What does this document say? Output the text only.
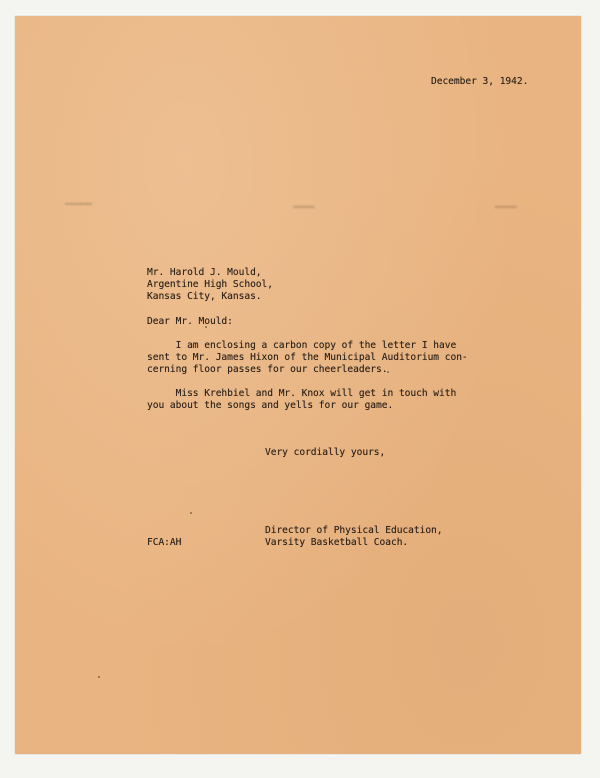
▂▂▂▂▂	▂▂▂▂	▂▂▂▂
December 3, 1942.
Mr. Harold J. Mould,
Argentine High School,
Kansas City, Kansas.
Dear Mr. Mould:
I am enclosing a carbon copy of the letter I have
sent to Mr. James Hixon of the Municipal Auditorium con-
cerning floor passes for our cheerleaders.
Miss Krehbiel and Mr. Knox will get in touch with
you about the songs and yells for our game.
Very cordially yours,
Director of Physical Education,
Varsity Basketball Coach.
FCA:AH
